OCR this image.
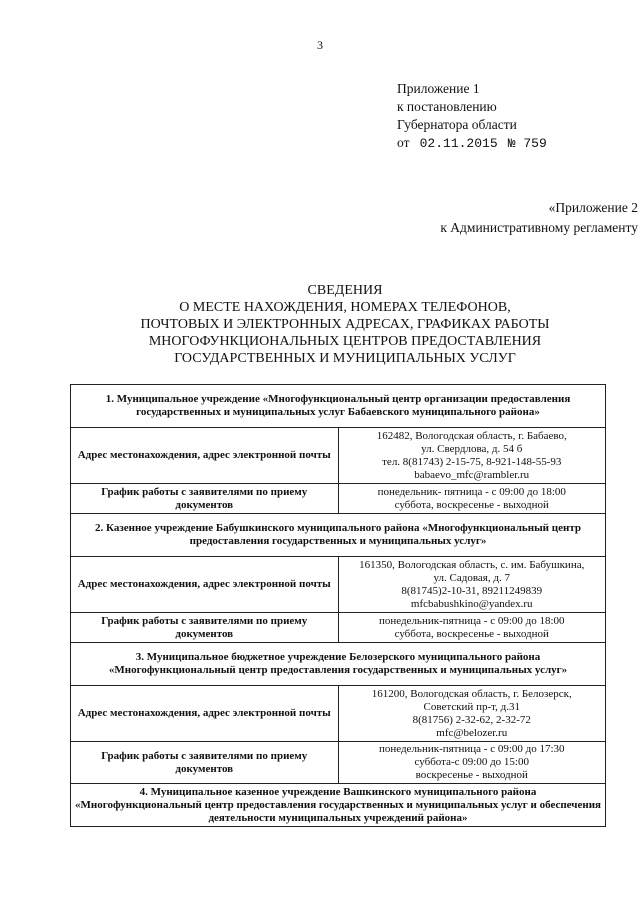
3
Приложение 1
к постановлению
Губернатора области
от 02.11.2015 № 759
«Приложение 2
к Административному регламенту
СВЕДЕНИЯ
О МЕСТЕ НАХОЖДЕНИЯ, НОМЕРАХ ТЕЛЕФОНОВ,
ПОЧТОВЫХ И ЭЛЕКТРОННЫХ АДРЕСАХ, ГРАФИКАХ РАБОТЫ
МНОГОФУНКЦИОНАЛЬНЫХ ЦЕНТРОВ ПРЕДОСТАВЛЕНИЯ
ГОСУДАРСТВЕННЫХ И МУНИЦИПАЛЬНЫХ УСЛУГ
1. Муниципальное учреждение «Многофункциональный центр организации предоставления государственных и муниципальных услуг Бабаевского муниципального района»	
Адрес местонахождения, адрес электронной почты	162482, Вологодская область, г. Бабаево,
ул. Свердлова, д. 54 б
тел. 8(81743) 2-15-75, 8-921-148-55-93
babaevo_mfc@rambler.ru

График работы с заявителями по приему документов	понедельник- пятница - с 09:00 до 18:00
суббота, воскресенье - выходной

2. Казенное учреждение Бабушкинского муниципального района «Многофункциональный центр предоставления государственных и муниципальных услуг»	
Адрес местонахождения, адрес электронной почты	161350, Вологодская область, с. им. Бабушкина,
ул. Садовая, д. 7
8(81745)2-10-31, 89211249839
mfcbabushkino@yandex.ru

График работы с заявителями по приему документов	понедельник-пятница - с 09:00 до 18:00
суббота, воскресенье - выходной

3. Муниципальное бюджетное учреждение Белозерского муниципального района «Многофункциональный центр предоставления государственных и муниципальных услуг»	
Адрес местонахождения, адрес электронной почты	161200, Вологодская область, г. Белозерск,
Советский пр-т, д.31
8(81756) 2-32-62, 2-32-72
mfc@belozer.ru

График работы с заявителями по приему документов	понедельник-пятница - с 09:00 до 17:30
суббота-с 09:00 до 15:00
воскресенье - выходной

4. Муниципальное казенное учреждение Вашкинского муниципального района «Многофункциональный центр предоставления государственных и муниципальных услуг и обеспечения деятельности муниципальных учреждений района»	
